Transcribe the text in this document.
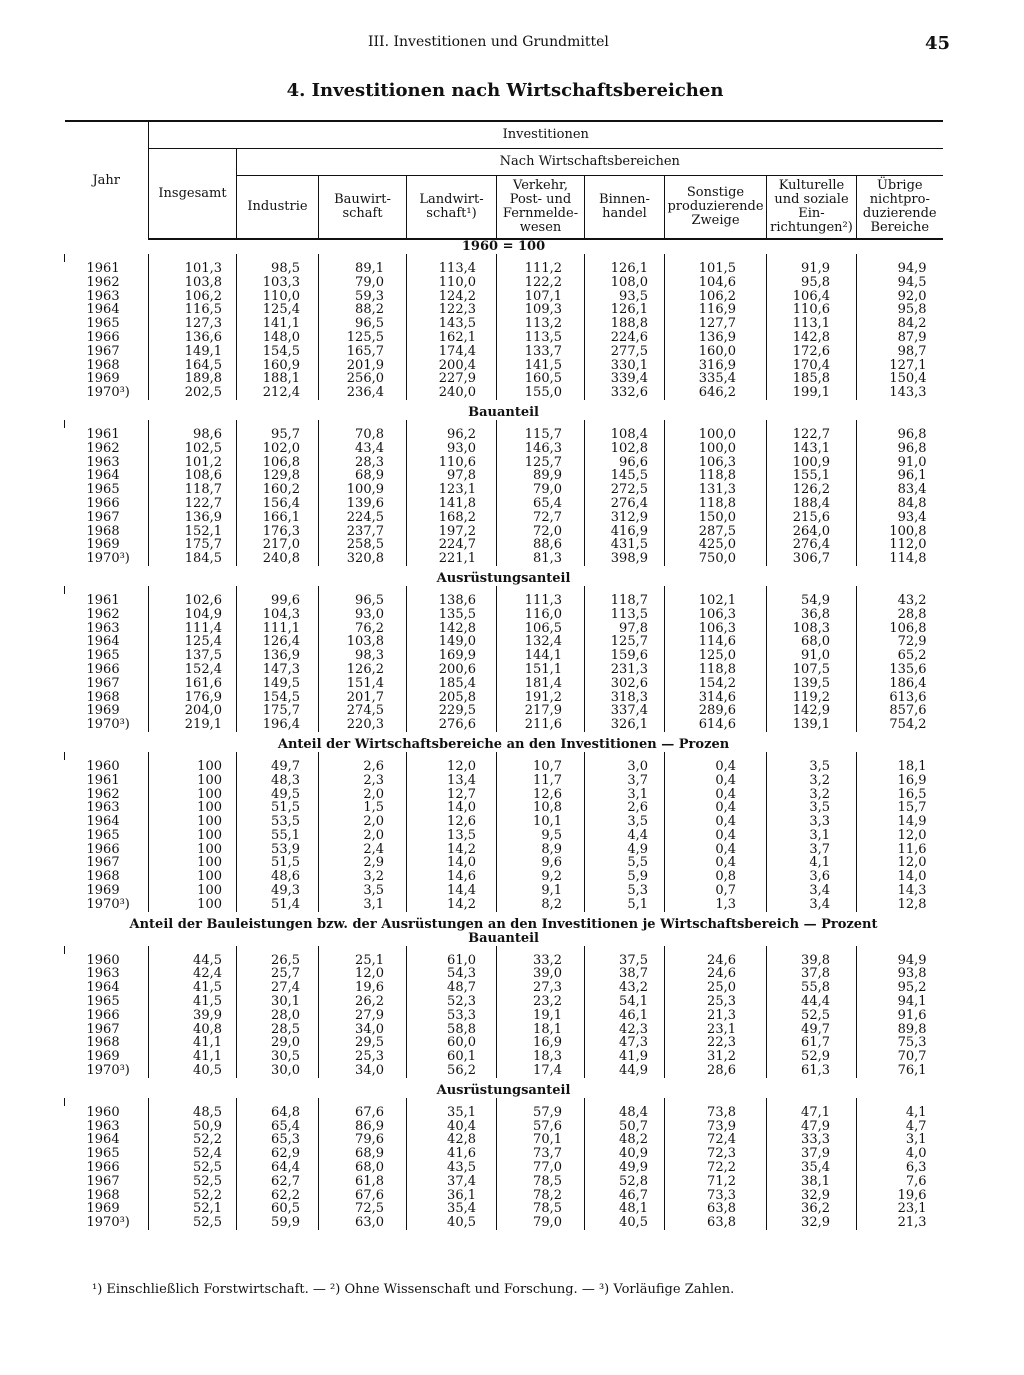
III. Investitionen und Grundmittel	45
4. Investitionen nach Wirtschaftsbereichen
Jahr	Investitionen								
	Insgesamt	Nach Wirtschaftsbereichen							
		Industrie	Bauwirt- schaft	Landwirt- schaft¹)	Verkehr, Post- und Fernmelde- wesen	Binnen- handel	Sonstige produzierende Zweige	Kulturelle und soziale Ein- richtungen²)	Übrige nichtpro- duzierende Bereiche
1960 = 100									

1961	101,3	98,5	89,1	113,4	111,2	126,1	101,5	91,9	94,9
1962	103,8	103,3	79,0	110,0	122,2	108,0	104,6	95,8	94,5
1963	106,2	110,0	59,3	124,2	107,1	93,5	106,2	106,4	92,0
1964	116,5	125,4	88,2	122,3	109,3	126,1	116,9	110,6	95,8
1965	127,3	141,1	96,5	143,5	113,2	188,8	127,7	113,1	84,2
1966	136,6	148,0	125,5	162,1	113,5	224,6	136,9	142,8	87,9
1967	149,1	154,5	165,7	174,4	133,7	277,5	160,0	172,6	98,7
1968	164,5	160,9	201,9	200,4	141,5	330,1	316,9	170,4	127,1
1969	189,8	188,1	256,0	227,9	160,5	339,4	335,4	185,8	150,4
1970³)	202,5	212,4	236,4	240,0	155,0	332,6	646,2	199,1	143,3
Bauanteil									

1961	98,6	95,7	70,8	96,2	115,7	108,4	100,0	122,7	96,8
1962	102,5	102,0	43,4	93,0	146,3	102,8	100,0	143,1	96,8
1963	101,2	106,8	28,3	110,6	125,7	96,6	106,3	100,9	91,0
1964	108,6	129,8	68,9	97,8	89,9	145,5	118,8	155,1	96,1
1965	118,7	160,2	100,9	123,1	79,0	272,5	131,3	126,2	83,4
1966	122,7	156,4	139,6	141,8	65,4	276,4	118,8	188,4	84,8
1967	136,9	166,1	224,5	168,2	72,7	312,9	150,0	215,6	93,4
1968	152,1	176,3	237,7	197,2	72,0	416,9	287,5	264,0	100,8
1969	175,7	217,0	258,5	224,7	88,6	431,5	425,0	276,4	112,0
1970³)	184,5	240,8	320,8	221,1	81,3	398,9	750,0	306,7	114,8
Ausrüstungsanteil									

1961	102,6	99,6	96,5	138,6	111,3	118,7	102,1	54,9	43,2
1962	104,9	104,3	93,0	135,5	116,0	113,5	106,3	36,8	28,8
1963	111,4	111,1	76,2	142,8	106,5	97,8	106,3	108,3	106,8
1964	125,4	126,4	103,8	149,0	132,4	125,7	114,6	68,0	72,9
1965	137,5	136,9	98,3	169,9	144,1	159,6	125,0	91,0	65,2
1966	152,4	147,3	126,2	200,6	151,1	231,3	118,8	107,5	135,6
1967	161,6	149,5	151,4	185,4	181,4	302,6	154,2	139,5	186,4
1968	176,9	154,5	201,7	205,8	191,2	318,3	314,6	119,2	613,6
1969	204,0	175,7	274,5	229,5	217,9	337,4	289,6	142,9	857,6
1970³)	219,1	196,4	220,3	276,6	211,6	326,1	614,6	139,1	754,2
Anteil der Wirtschaftsbereiche an den Investitionen — Prozen									

1960	100	49,7	2,6	12,0	10,7	3,0	0,4	3,5	18,1
1961	100	48,3	2,3	13,4	11,7	3,7	0,4	3,2	16,9
1962	100	49,5	2,0	12,7	12,6	3,1	0,4	3,2	16,5
1963	100	51,5	1,5	14,0	10,8	2,6	0,4	3,5	15,7
1964	100	53,5	2,0	12,6	10,1	3,5	0,4	3,3	14,9
1965	100	55,1	2,0	13,5	9,5	4,4	0,4	3,1	12,0
1966	100	53,9	2,4	14,2	8,9	4,9	0,4	3,7	11,6
1967	100	51,5	2,9	14,0	9,6	5,5	0,4	4,1	12,0
1968	100	48,6	3,2	14,6	9,2	5,9	0,8	3,6	14,0
1969	100	49,3	3,5	14,4	9,1	5,3	0,7	3,4	14,3
1970³)	100	51,4	3,1	14,2	8,2	5,1	1,3	3,4	12,8
Anteil der Bauleistungen bzw. der Ausrüstungen an den Investitionen je Wirtschaftsbereich — Prozent									
Bauanteil									

1960	44,5	26,5	25,1	61,0	33,2	37,5	24,6	39,8	94,9
1963	42,4	25,7	12,0	54,3	39,0	38,7	24,6	37,8	93,8
1964	41,5	27,4	19,6	48,7	27,3	43,2	25,0	55,8	95,2
1965	41,5	30,1	26,2	52,3	23,2	54,1	25,3	44,4	94,1
1966	39,9	28,0	27,9	53,3	19,1	46,1	21,3	52,5	91,6
1967	40,8	28,5	34,0	58,8	18,1	42,3	23,1	49,7	89,8
1968	41,1	29,0	29,5	60,0	16,9	47,3	22,3	61,7	75,3
1969	41,1	30,5	25,3	60,1	18,3	41,9	31,2	52,9	70,7
1970³)	40,5	30,0	34,0	56,2	17,4	44,9	28,6	61,3	76,1
Ausrüstungsanteil									

1960	48,5	64,8	67,6	35,1	57,9	48,4	73,8	47,1	4,1
1963	50,9	65,4	86,9	40,4	57,6	50,7	73,9	47,9	4,7
1964	52,2	65,3	79,6	42,8	70,1	48,2	72,4	33,3	3,1
1965	52,4	62,9	68,9	41,6	73,7	40,9	72,3	37,9	4,0
1966	52,5	64,4	68,0	43,5	77,0	49,9	72,2	35,4	6,3
1967	52,5	62,7	61,8	37,4	78,5	52,8	71,2	38,1	7,6
1968	52,2	62,2	67,6	36,1	78,2	46,7	73,3	32,9	19,6
1969	52,1	60,5	72,5	35,4	78,5	48,1	63,8	36,2	23,1
1970³)	52,5	59,9	63,0	40,5	79,0	40,5	63,8	32,9	21,3
¹) Einschließlich Forstwirtschaft. — ²) Ohne Wissenschaft und Forschung. — ³) Vorläufige Zahlen.
